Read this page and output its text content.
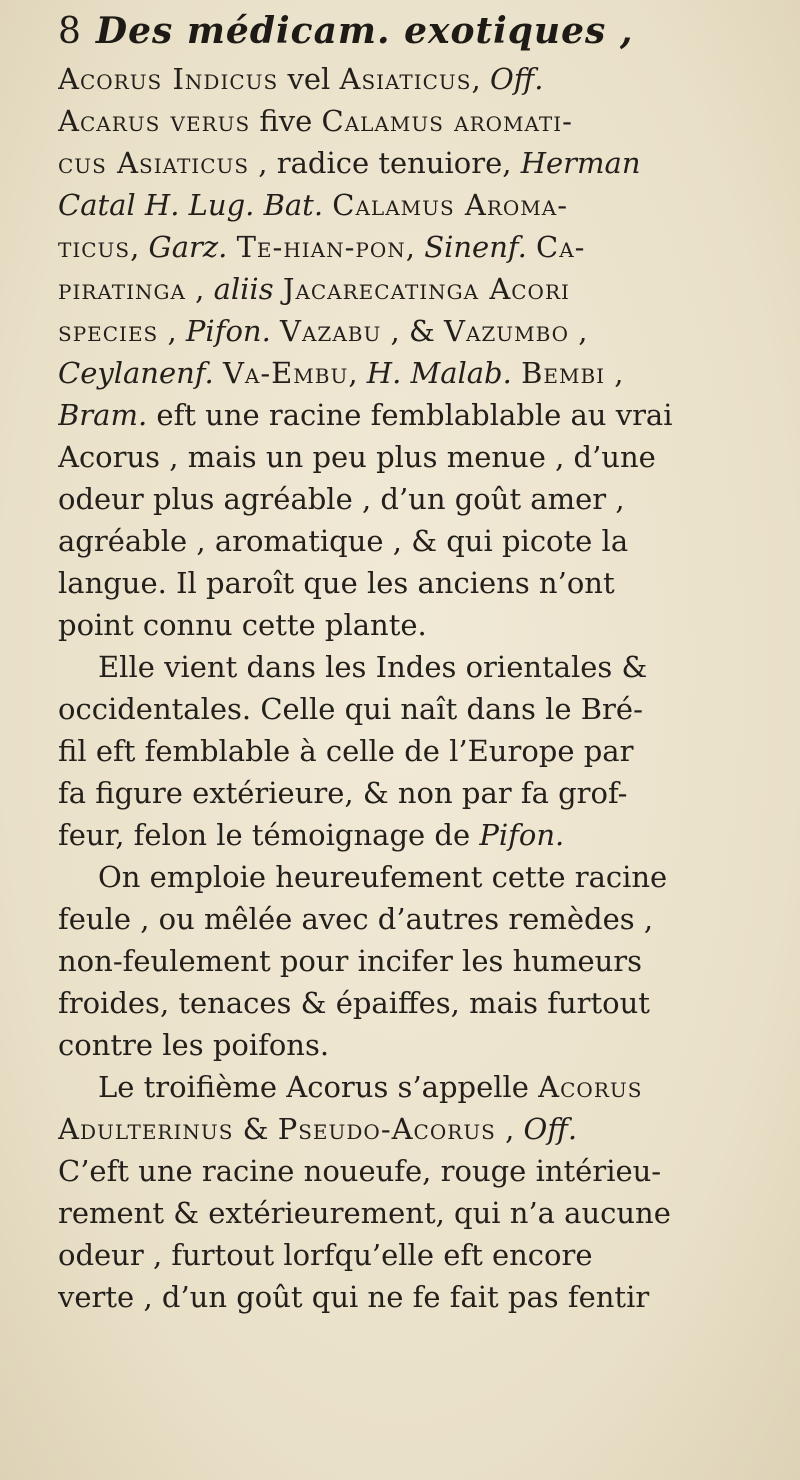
8 Des médicam. exotiques ,
Acorus Indicus vel Asiaticus, Off.
Acarus verus five Calamus aromati-
cus Asiaticus , radice tenuiore, Herman
Catal H. Lug. Bat. Calamus Aroma-
ticus, Garz. Te-hian-pon, Sinenf. Ca-
piratinga , aliis Jacarecatinga Acori
species , Pifon. Vazabu , & Vazumbo ,
Ceylanenf. Va-Embu, H. Malab. Bembi ,
Bram. eft une racine femblablable au vrai
Acorus , mais un peu plus menue , d’une
odeur plus agréable , d’un goût amer ,
agréable , aromatique , & qui picote la
langue. Il paroît que les anciens n’ont
point connu cette plante.
Elle vient dans les Indes orientales &
occidentales. Celle qui naît dans le Bré-
fil eft femblable à celle de l’Europe par
fa figure extérieure, & non par fa grof-
feur, felon le témoignage de Pifon.
On emploie heureufement cette racine
feule , ou mêlée avec d’autres remèdes ,
non-feulement pour incifer les humeurs
froides, tenaces & épaiffes, mais furtout
contre les poifons.
Le troifième Acorus s’appelle Acorus
Adulterinus & Pseudo-Acorus , Off.
C’eft une racine noueufe, rouge intérieu-
rement & extérieurement, qui n’a aucune
odeur , furtout lorfqu’elle eft encore
verte , d’un goût qui ne fe fait pas fentir
